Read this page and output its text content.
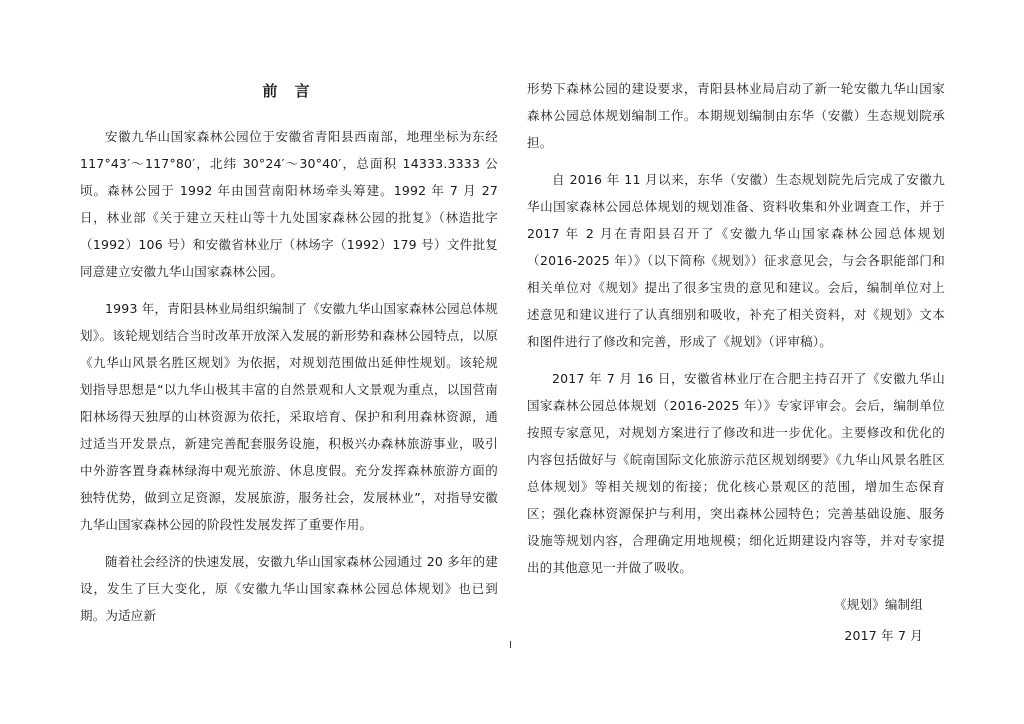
前 言

安徽九华山国家森林公园位于安徽省青阳县西南部，地理坐标为东经 117°43′～117°80′，北纬 30°24′～30°40′，总面积 14333.3333 公顷。森林公园于 1992 年由国营南阳林场牵头筹建。1992 年 7 月 27 日，林业部《关于建立天柱山等十九处国家森林公园的批复》（林造批字（1992）106 号）和安徽省林业厅（林场字（1992）179 号）文件批复同意建立安徽九华山国家森林公园。

1993 年，青阳县林业局组织编制了《安徽九华山国家森林公园总体规划》。该轮规划结合当时改革开放深入发展的新形势和森林公园特点，以原《九华山风景名胜区规划》为依据，对规划范围做出延伸性规划。该轮规划指导思想是“以九华山极其丰富的自然景观和人文景观为重点，以国营南阳林场得天独厚的山林资源为依托，采取培育、保护和利用森林资源，通过适当开发景点，新建完善配套服务设施，积极兴办森林旅游事业，吸引中外游客置身森林绿海中观光旅游、休息度假。充分发挥森林旅游方面的独特优势，做到立足资源，发展旅游，服务社会，发展林业”，对指导安徽九华山国家森林公园的阶段性发展发挥了重要作用。

随着社会经济的快速发展，安徽九华山国家森林公园通过 20 多年的建设，发生了巨大变化，原《安徽九华山国家森林公园总体规划》也已到期。为适应新

形势下森林公园的建设要求，青阳县林业局启动了新一轮安徽九华山国家森林公园总体规划编制工作。本期规划编制由东华（安徽）生态规划院承担。

自 2016 年 11 月以来，东华（安徽）生态规划院先后完成了安徽九华山国家森林公园总体规划的规划准备、资料收集和外业调查工作，并于 2017 年 2 月在青阳县召开了《安徽九华山国家森林公园总体规划（2016-2025 年）》（以下简称《规划》）征求意见会，与会各职能部门和相关单位对《规划》提出了很多宝贵的意见和建议。会后，编制单位对上述意见和建议进行了认真细别和吸收，补充了相关资料，对《规划》文本和图件进行了修改和完善，形成了《规划》（评审稿）。

2017 年 7 月 16 日，安徽省林业厅在合肥主持召开了《安徽九华山国家森林公园总体规划（2016-2025 年）》专家评审会。会后，编制单位按照专家意见，对规划方案进行了修改和进一步优化。主要修改和优化的内容包括做好与《皖南国际文化旅游示范区规划纲要》《九华山风景名胜区总体规划》等相关规划的衔接；优化核心景观区的范围，增加生态保育区；强化森林资源保护与利用，突出森林公园特色；完善基础设施、服务设施等规划内容，合理确定用地规模；细化近期建设内容等，并对专家提出的其他意见一并做了吸收。

《规划》编制组

2017 年 7 月

I
